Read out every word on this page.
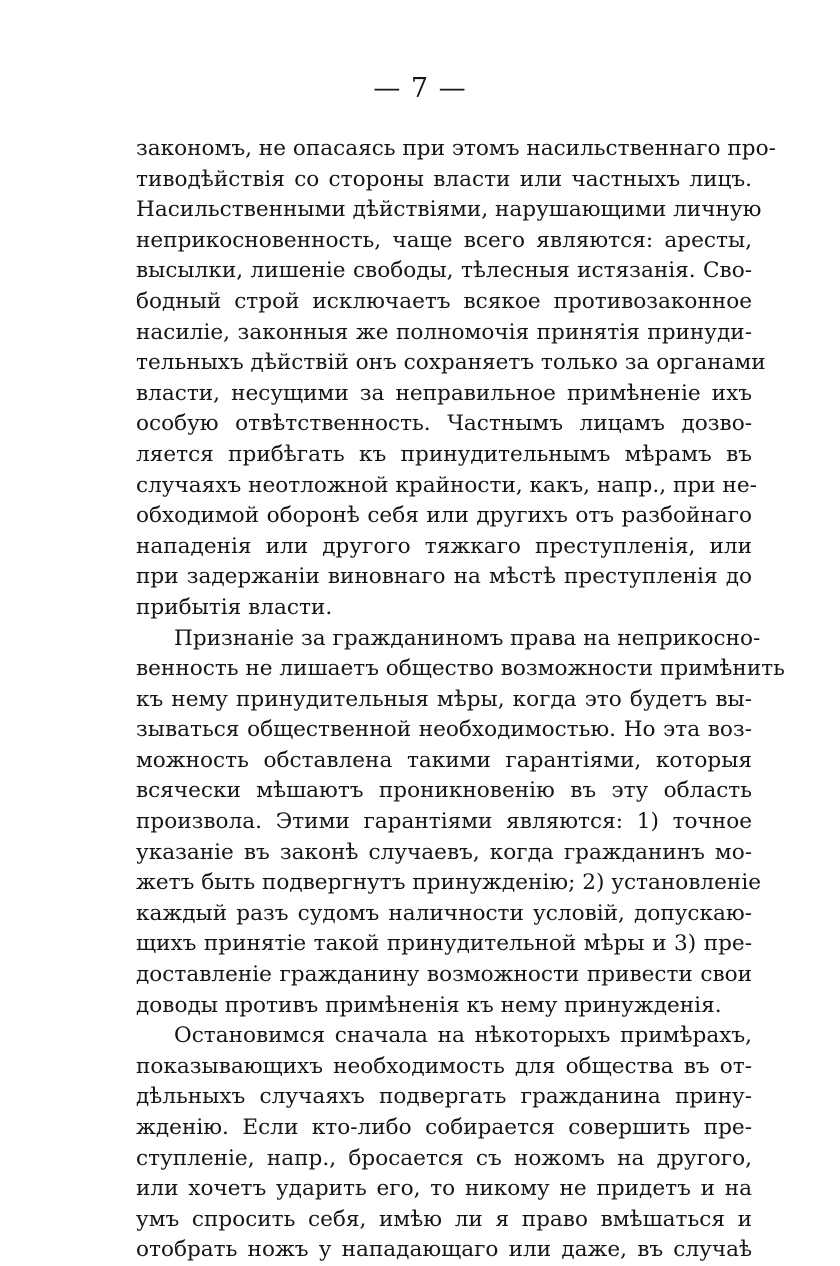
— 7 —
закономъ, не опасаясь при этомъ насильственнаго про-
тиводѣйствія со стороны власти или частныхъ лицъ.
Насильственными дѣйствіями, нарушающими личную
неприкосновенность, чаще всего являются: аресты,
высылки, лишеніе свободы, тѣлесныя истязанія. Сво-
бодный строй исключаетъ всякое противозаконное
насиліе, законныя же полномочія принятія принуди-
тельныхъ дѣйствій онъ сохраняетъ только за органами
власти, несущими за неправильное примѣненіе ихъ
особую отвѣтственность. Частнымъ лицамъ дозво-
ляется прибѣгать къ принудительнымъ мѣрамъ въ
случаяхъ неотложной крайности, какъ, напр., при не-
обходимой оборонѣ себя или другихъ отъ разбойнаго
нападенія или другого тяжкаго преступленія, или
при задержаніи виновнаго на мѣстѣ преступленія до
прибытія власти.
Признаніе за гражданиномъ права на неприкосно-
венность не лишаетъ общество возможности примѣнить
къ нему принудительныя мѣры, когда это будетъ вы-
зываться общественной необходимостью. Но эта воз-
можность обставлена такими гарантіями, которыя
всячески мѣшаютъ проникновенію въ эту область
произвола. Этими гарантіями являются: 1) точное
указаніе въ законѣ случаевъ, когда гражданинъ мо-
жетъ быть подвергнутъ принужденію; 2) установленіе
каждый разъ судомъ наличности условій, допускаю-
щихъ принятіе такой принудительной мѣры и 3) пре-
доставленіе гражданину возможности привести свои
доводы противъ примѣненія къ нему принужденія.
Остановимся сначала на нѣкоторыхъ примѣрахъ,
показывающихъ необходимость для общества въ от-
дѣльныхъ случаяхъ подвергать гражданина прину-
жденію. Если кто-либо собирается совершить пре-
ступленіе, напр., бросается съ ножомъ на другого,
или хочетъ ударить его, то никому не придетъ и на
умъ спросить себя, имѣю ли я право вмѣшаться и
отобрать ножъ у нападающаго или даже, въ случаѣ
